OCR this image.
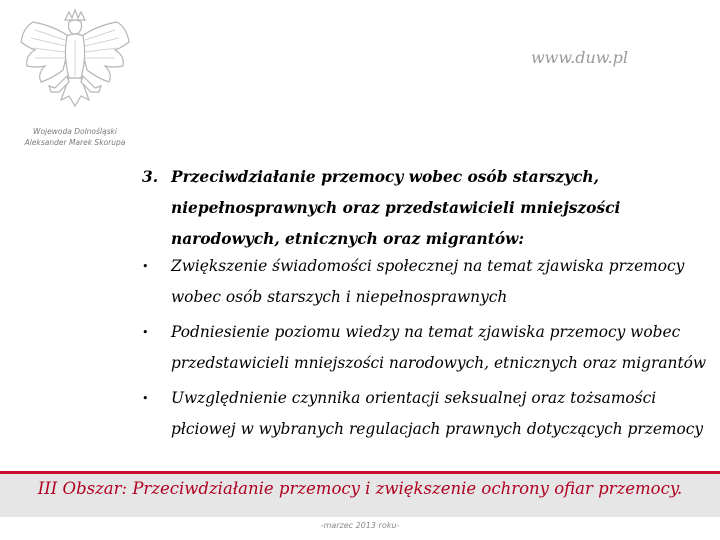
Wojewoda Dolnośląski
Aleksander Marek Skorupa
www.duw.pl
3. Przeciwdziałanie przemocy wobec osób starszych, niepełnosprawnych oraz przedstawicieli mniejszości narodowych, etnicznych oraz migrantów:
• Zwiększenie świadomości społecznej na temat zjawiska przemocy wobec osób starszych i niepełnosprawnych
• Podniesienie poziomu wiedzy na temat zjawiska przemocy wobec przedstawicieli mniejszości narodowych, etnicznych oraz migrantów
• Uwzględnienie czynnika orientacji seksualnej oraz tożsamości płciowej w wybranych regulacjach prawnych dotyczących przemocy
III Obszar: Przeciwdziałanie przemocy i zwiększenie ochrony ofiar przemocy.
-marzec 2013 roku-
